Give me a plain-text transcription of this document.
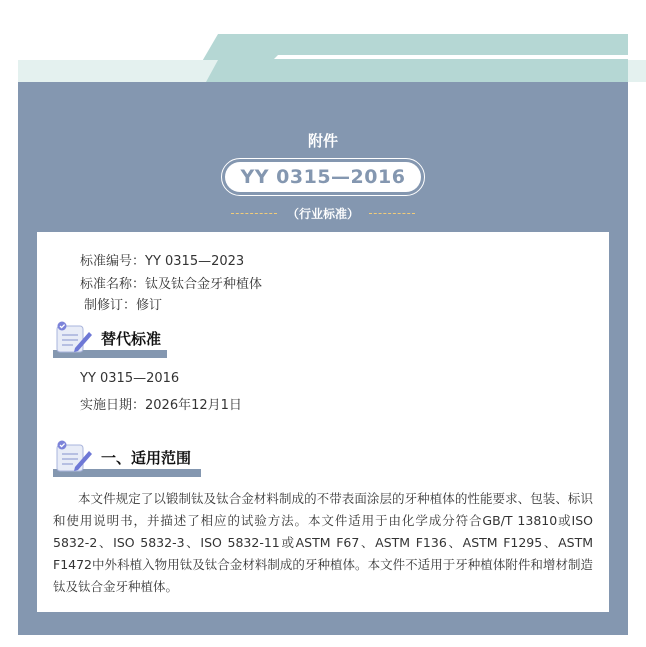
附件
YY 0315—2016
（行业标准）
标准编号：YY 0315—2023
标准名称：钛及钛合金牙种植体
制修订：修订
替代标准
YY 0315—2016
实施日期：2026年12月1日
一、适用范围

本文件规定了以锻制钛及钛合金材料制成的不带表面涂层的牙种植体的性能要求、包装、标识和使用说明书，并描述了相应的试验方法。本文件适用于由化学成分符合GB/T 13810或ISO 5832-2、ISO 5832-3、ISO 5832-11或ASTM F67、ASTM F136、ASTM F1295、ASTM F1472中外科植入物用钛及钛合金材料制成的牙种植体。本文件不适用于牙种植体附件和增材制造钛及钛合金牙种植体。
